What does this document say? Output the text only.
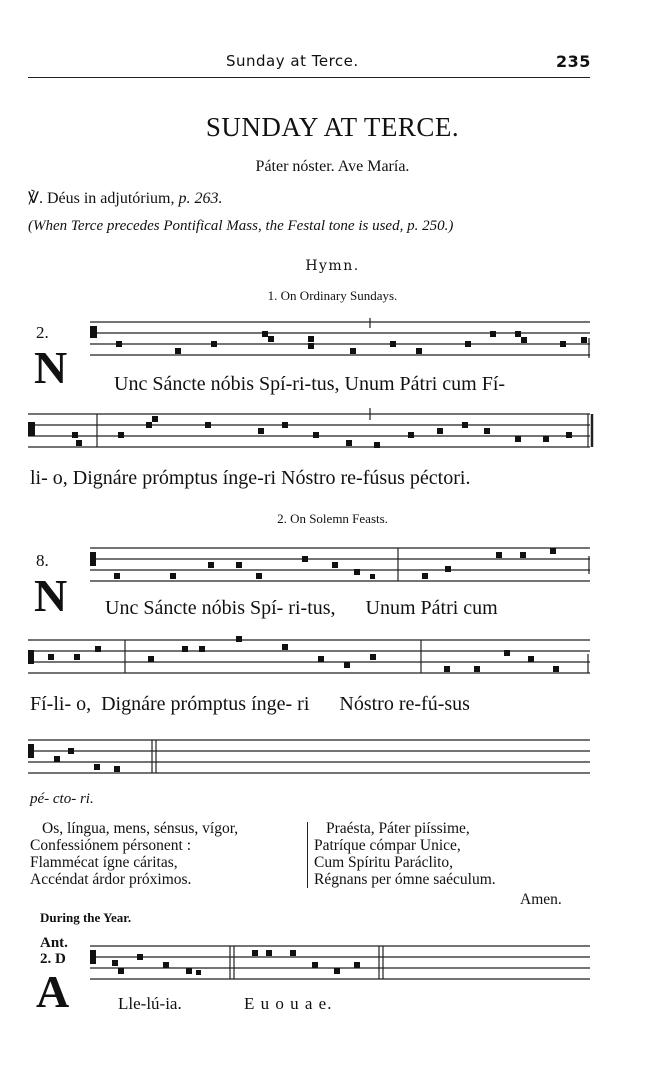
Sunday at Terce.	235
SUNDAY AT TERCE.
Páter nóster. Ave María.
℣. Déus in adjutórium, p. 263.
(When Terce precedes Pontifical Mass, the Festal tone is used, p. 250.)
Hymn.
1. On Ordinary Sundays.
2.
N Unc Sáncte nóbis Spí-ri-tus, Unum Pátri cum Fí-
li- o, Dignáre prómptus ínge-ri Nóstro re-fúsus péctori.
2. On Solemn Feasts.
8.
N Unc Sáncte nóbis Spí- ri-tus,      Unum Pátri cum
Fí-li- o,  Dignáre prómptus ínge- ri      Nóstro re-fú-sus
pé- cto- ri.
Os, língua, mens, sénsus, vígor,
Confessiónem pérsonent :
Flammécat ígne cáritas,
Accéndat árdor próximos.
Praésta, Páter piíssime,
Patríque cómpar Unice,
Cum Spíritu Paráclito,
Régnans per ómne saéculum.
Amen.
During the Year.
Ant.
2. D
A	Lle-lú-ia.	E u o u a e.
